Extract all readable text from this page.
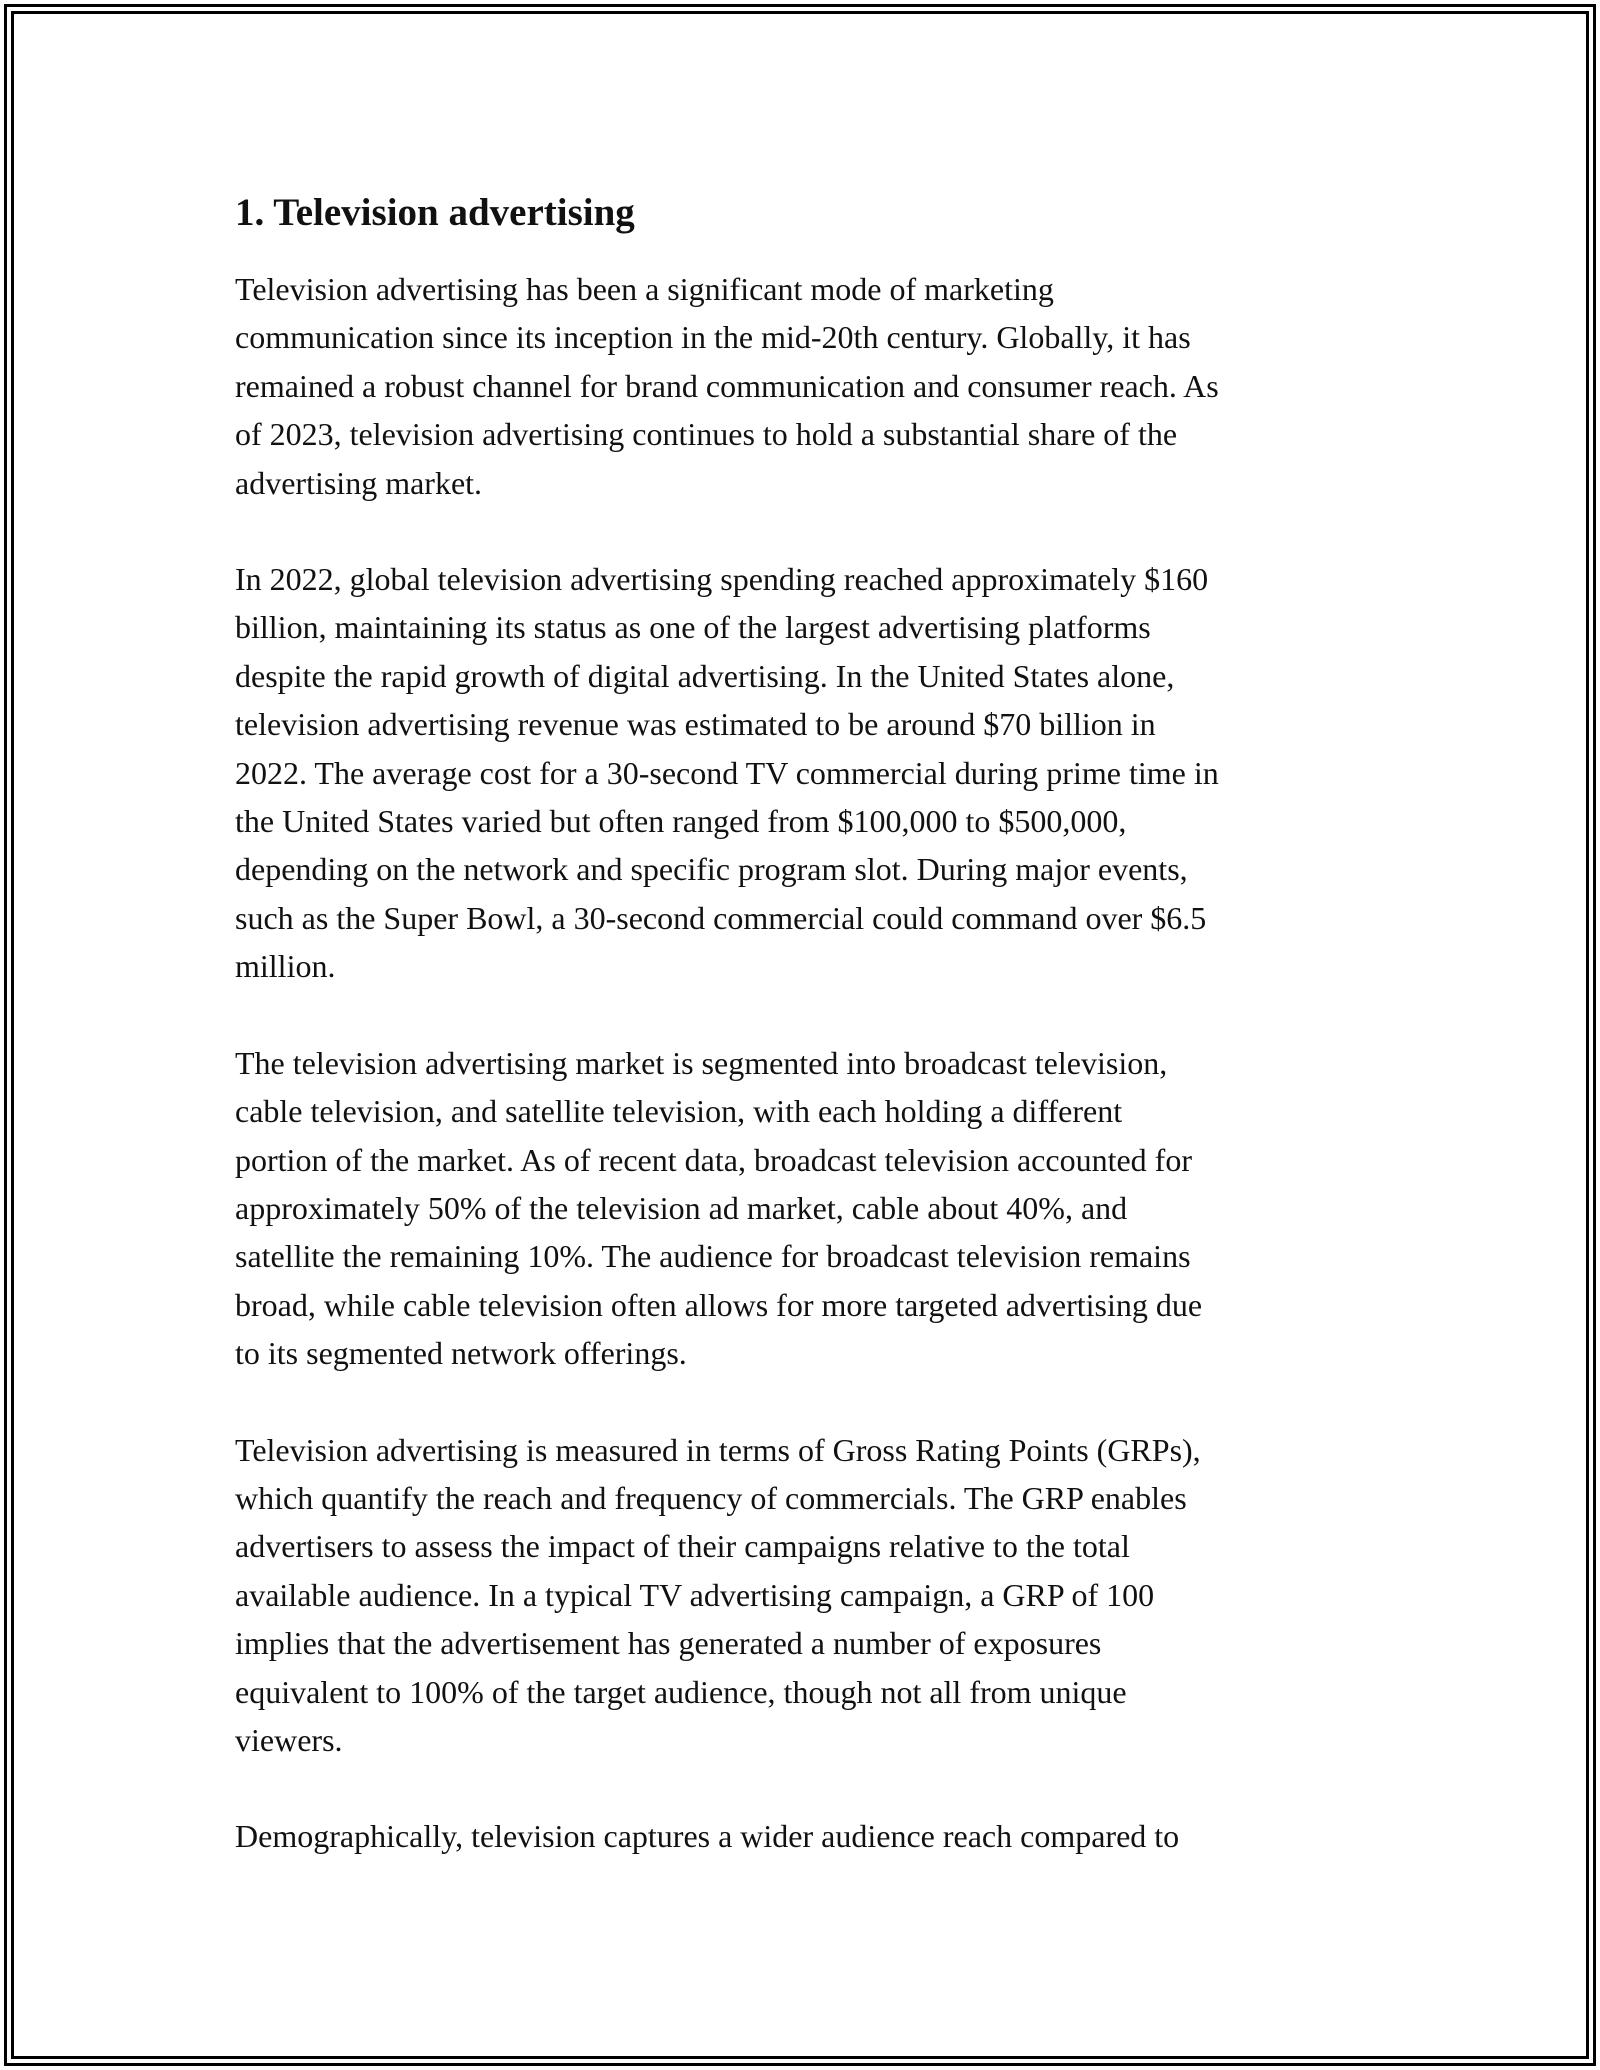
1. Television advertising

Television advertising has been a significant mode of marketing
communication since its inception in the mid-20th century. Globally, it has
remained a robust channel for brand communication and consumer reach. As
of 2023, television advertising continues to hold a substantial share of the
advertising market.

In 2022, global television advertising spending reached approximately $160
billion, maintaining its status as one of the largest advertising platforms
despite the rapid growth of digital advertising. In the United States alone,
television advertising revenue was estimated to be around $70 billion in
2022. The average cost for a 30-second TV commercial during prime time in
the United States varied but often ranged from $100,000 to $500,000,
depending on the network and specific program slot. During major events,
such as the Super Bowl, a 30-second commercial could command over $6.5
million.

The television advertising market is segmented into broadcast television,
cable television, and satellite television, with each holding a different
portion of the market. As of recent data, broadcast television accounted for
approximately 50% of the television ad market, cable about 40%, and
satellite the remaining 10%. The audience for broadcast television remains
broad, while cable television often allows for more targeted advertising due
to its segmented network offerings.

Television advertising is measured in terms of Gross Rating Points (GRPs),
which quantify the reach and frequency of commercials. The GRP enables
advertisers to assess the impact of their campaigns relative to the total
available audience. In a typical TV advertising campaign, a GRP of 100
implies that the advertisement has generated a number of exposures
equivalent to 100% of the target audience, though not all from unique
viewers.

Demographically, television captures a wider audience reach compared to
